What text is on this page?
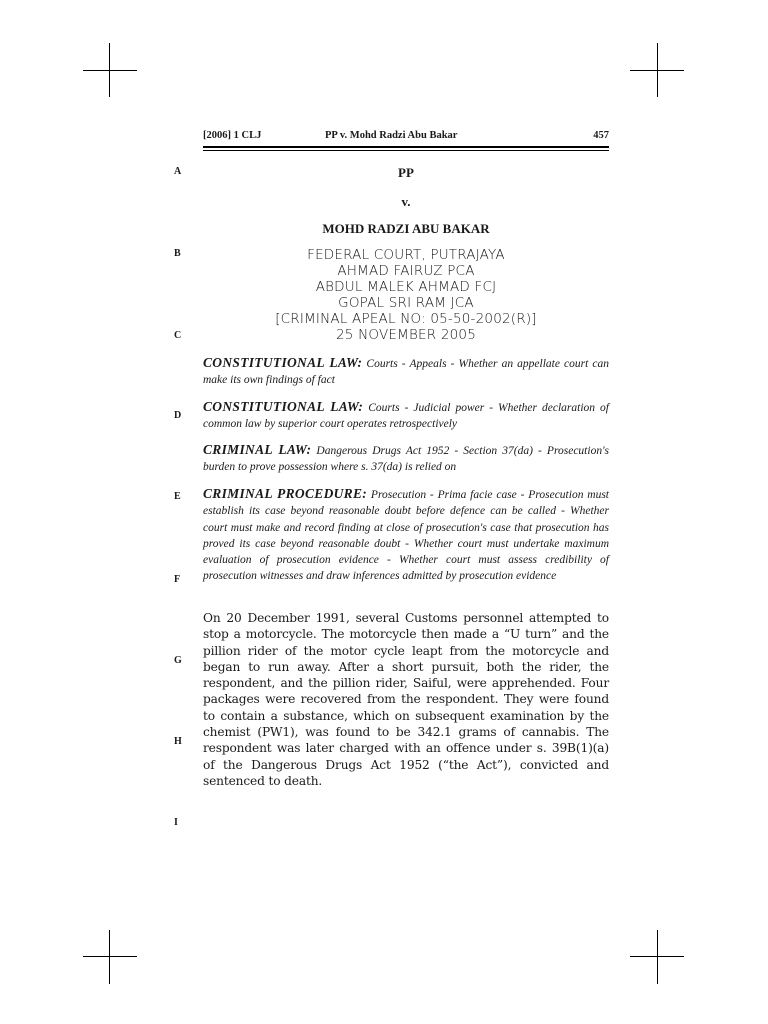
[2006] 1 CLJ	PP v. Mohd Radzi Abu Bakar	457
A
B
C
D
E
F
G
H
I
PP
v.
MOHD RADZI ABU BAKAR
FEDERAL COURT, PUTRAJAYA
AHMAD FAIRUZ PCA
ABDUL MALEK AHMAD FCJ
GOPAL SRI RAM JCA
[CRIMINAL APEAL NO: 05-50-2002(R)]
25 NOVEMBER 2005
CONSTITUTIONAL LAW: Courts - Appeals - Whether an appellate court can make its own findings of fact
CONSTITUTIONAL LAW: Courts - Judicial power - Whether declaration of common law by superior court operates retrospectively
CRIMINAL LAW: Dangerous Drugs Act 1952 - Section 37(da) - Prosecution's burden to prove possession where s. 37(da) is relied on
CRIMINAL PROCEDURE: Prosecution - Prima facie case - Prosecution must establish its case beyond reasonable doubt before defence can be called - Whether court must make and record finding at close of prosecution's case that prosecution has proved its case beyond reasonable doubt - Whether court must undertake maximum evaluation of prosecution evidence - Whether court must assess credibility of prosecution witnesses and draw inferences admitted by prosecution evidence
On 20 December 1991, several Customs personnel attempted to stop a motorcycle. The motorcycle then made a “U turn” and the pillion rider of the motor cycle leapt from the motorcycle and began to run away. After a short pursuit, both the rider, the respondent, and the pillion rider, Saiful, were apprehended. Four packages were recovered from the respondent. They were found to contain a substance, which on subsequent examination by the chemist (PW1), was found to be 342.1 grams of cannabis. The respondent was later charged with an offence under s. 39B(1)(a) of the Dangerous Drugs Act 1952 (“the Act”), convicted and sentenced to death.
